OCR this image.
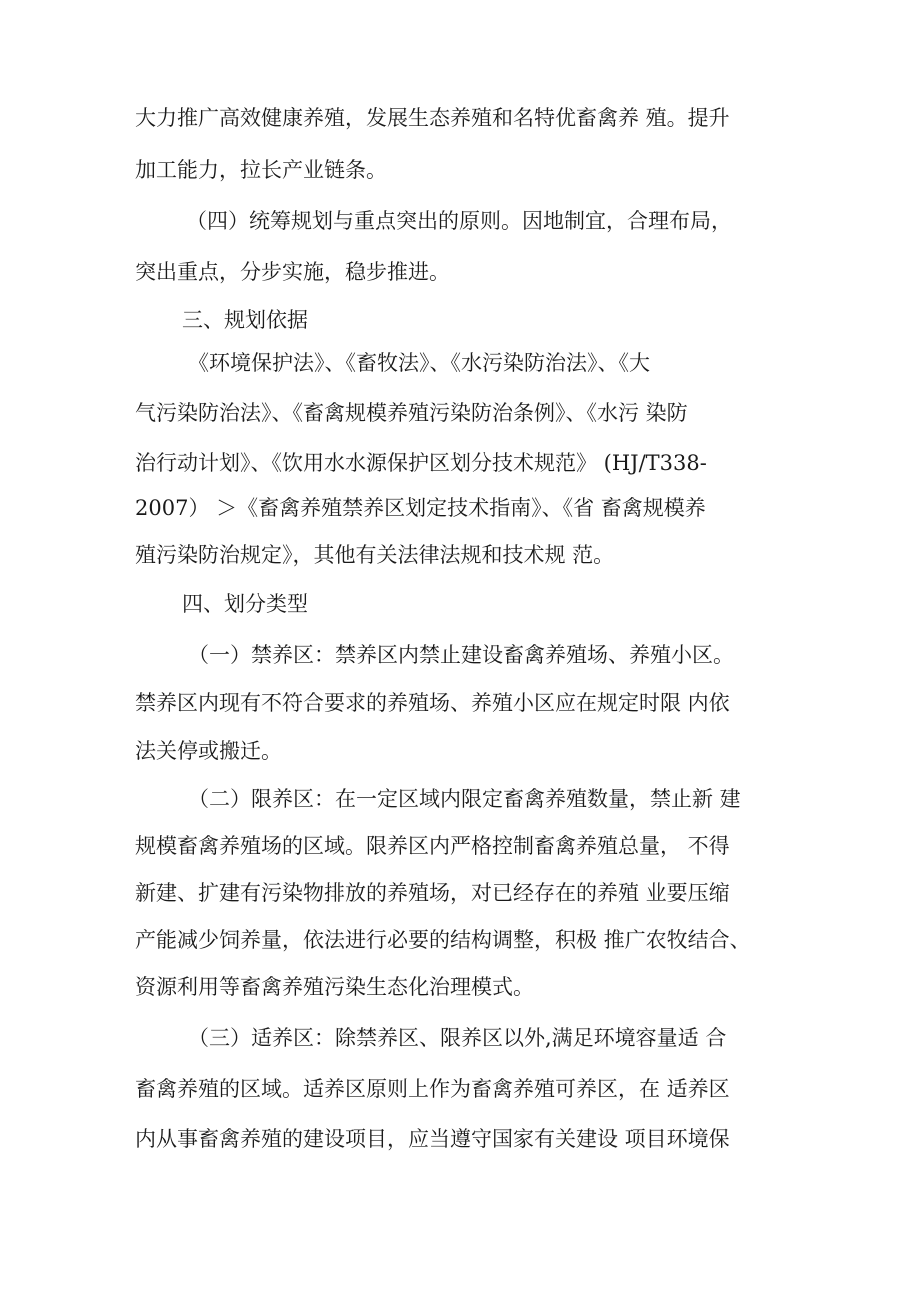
大力推广高效健康养殖，发展生态养殖和名特优畜禽养 殖。提升
加工能力，拉长产业链条。
（四）统筹规划与重点突出的原则。因地制宜，合理布局，
突出重点，分步实施，稳步推进。
三、规划依据
《环境保护法》、《畜牧法》、《水污染防治法》、《大
气污染防治法》、《畜禽规模养殖污染防治条例》、《水污 染防
治行动计划》、《饮用水水源保护区划分技术规范》 (HJ/T338-
2007） ＞《畜禽养殖禁养区划定技术指南》、《省 畜禽规模养
殖污染防治规定》，其他有关法律法规和技术规 范。
四、划分类型
（一）禁养区：禁养区内禁止建设畜禽养殖场、养殖小区。
禁养区内现有不符合要求的养殖场、养殖小区应在规定时限 内依
法关停或搬迁。
（二）限养区：在一定区域内限定畜禽养殖数量，禁止新 建
规模畜禽养殖场的区域。限养区内严格控制畜禽养殖总量， 不得
新建、扩建有污染物排放的养殖场，对已经存在的养殖 业要压缩
产能减少饲养量，依法进行必要的结构调整，积极 推广农牧结合、
资源利用等畜禽养殖污染生态化治理模式。
（三）适养区：除禁养区、限养区以外,满足环境容量适 合
畜禽养殖的区域。适养区原则上作为畜禽养殖可养区，在 适养区
内从事畜禽养殖的建设项目，应当遵守国家有关建设 项目环境保
